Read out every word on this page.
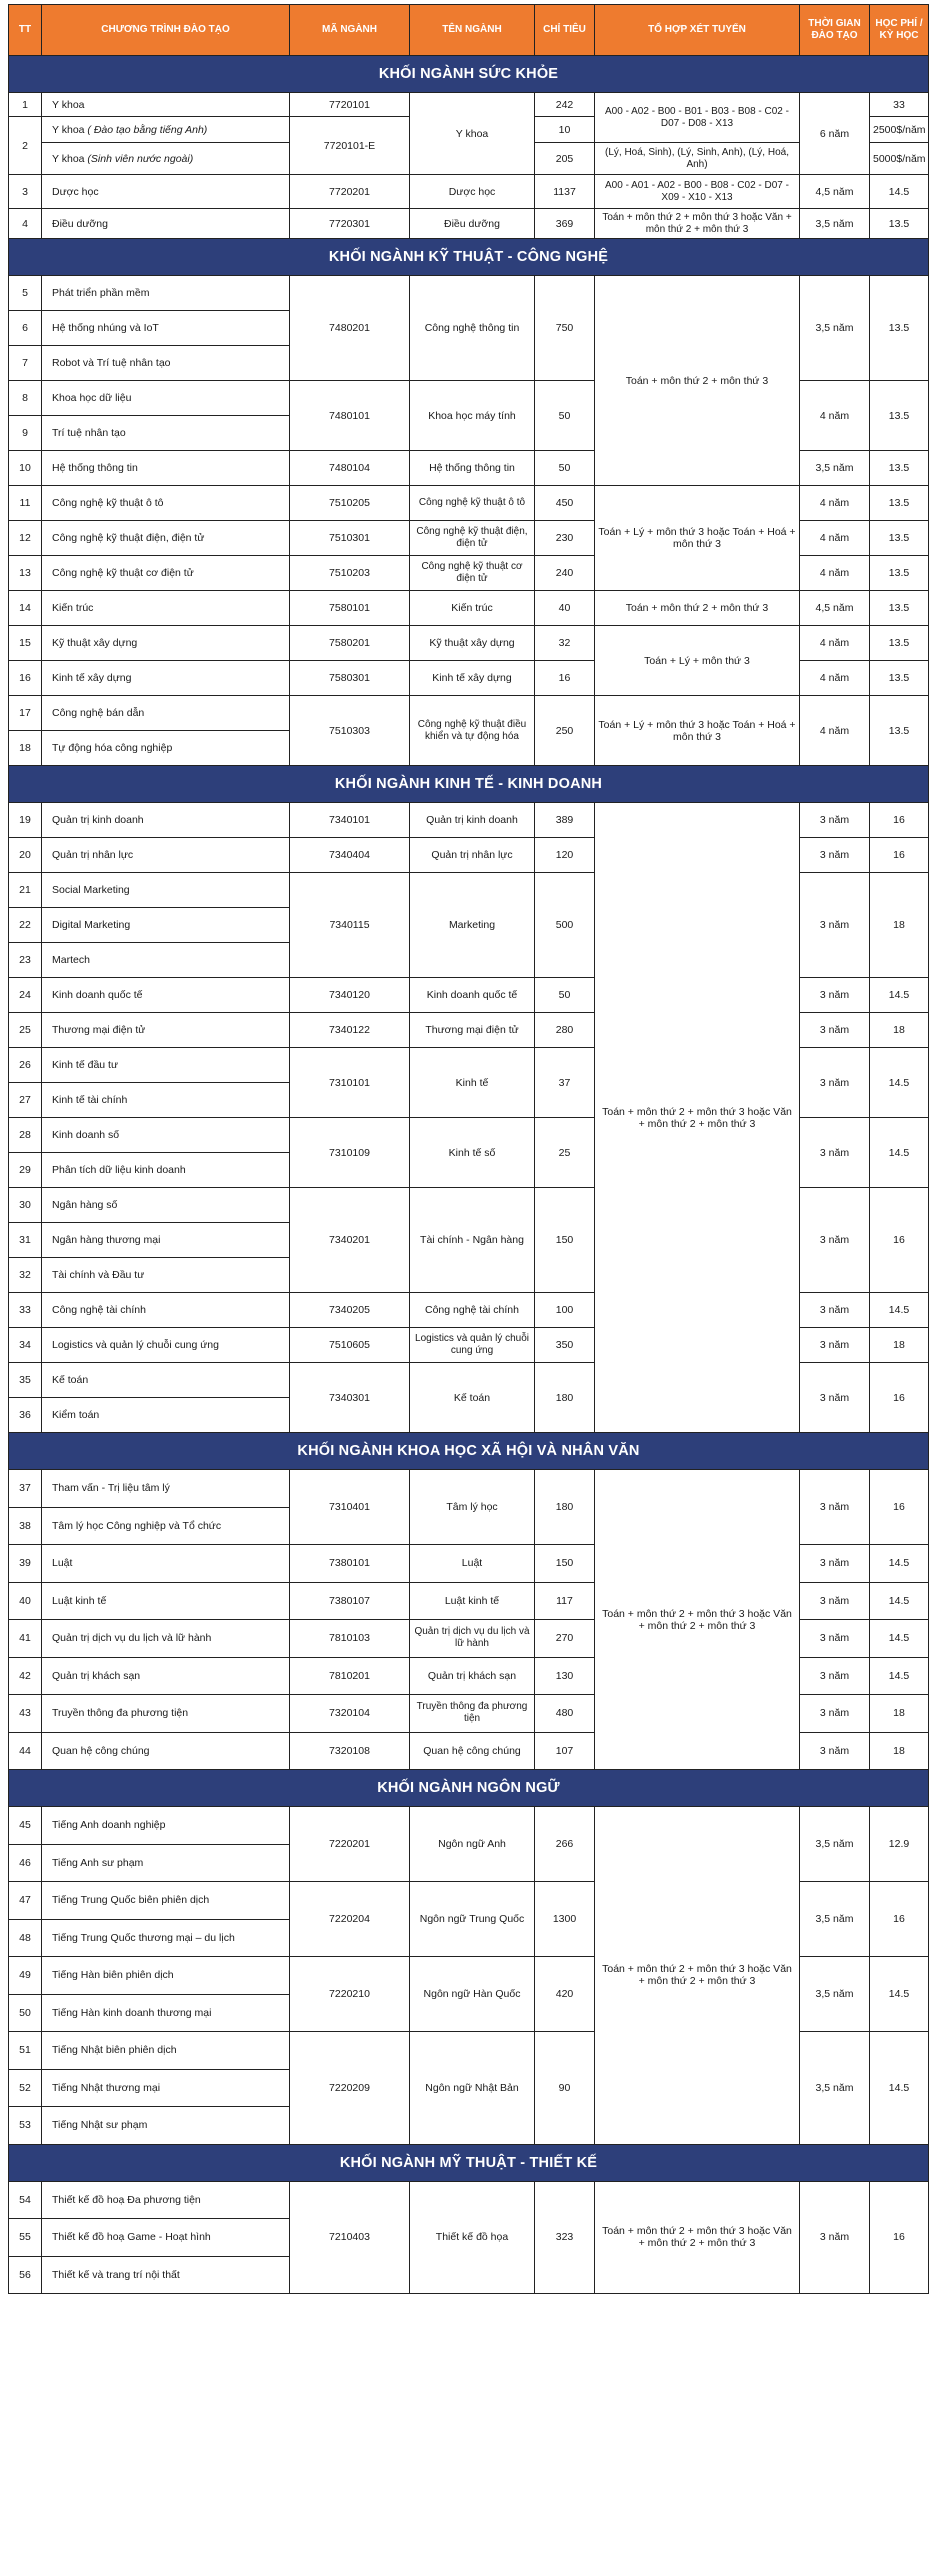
TT	CHƯƠNG TRÌNH ĐÀO TẠO	MÃ NGÀNH	TÊN NGÀNH	CHỈ TIÊU	TỔ HỢP XÉT TUYỂN	THỜI GIAN ĐÀO TẠO	HỌC PHÍ / KỲ HỌC
KHỐI NGÀNH SỨC KHỎE							
1	Y khoa	7720101	Y khoa	242	A00 - A02 - B00 - B01 - B03 - B08 - C02 - D07 - D08 - X13	6 năm	33
2	Y khoa ( Đào tạo bằng tiếng Anh)	7720101-E		10			2500$/năm
	Y khoa (Sinh viên nước ngoài)			205	(Lý, Hoá, Sinh), (Lý, Sinh, Anh), (Lý, Hoá, Anh)		5000$/năm
3	Dược học	7720201	Dược học	1137	A00 - A01 - A02 - B00 - B08 - C02 - D07 - X09 - X10 - X13	4,5 năm	14.5
4	Điều dưỡng	7720301	Điều dưỡng	369	Toán + môn thứ 2 + môn thứ 3 hoặc Văn + môn thứ 2 + môn thứ 3	3,5 năm	13.5
KHỐI NGÀNH KỸ THUẬT - CÔNG NGHỆ							
5	Phát triển phần mềm	7480201	Công nghệ thông tin	750	Toán + môn thứ 2 + môn thứ 3	3,5 năm	13.5
6	Hệ thống nhúng và IoT						
7	Robot và Trí tuệ nhân tạo						
8	Khoa học dữ liệu	7480101	Khoa học máy tính	50		4 năm	13.5
9	Trí tuệ nhân tạo						
10	Hệ thống thông tin	7480104	Hệ thống thông tin	50		3,5 năm	13.5
11	Công nghệ kỹ thuật ô tô	7510205	Công nghệ kỹ thuật ô tô	450	Toán + Lý + môn thứ 3 hoặc Toán + Hoá + môn thứ 3	4 năm	13.5
12	Công nghệ kỹ thuật điện, điện tử	7510301	Công nghệ kỹ thuật điện, điện tử	230		4 năm	13.5
13	Công nghệ kỹ thuật cơ điện tử	7510203	Công nghệ kỹ thuật cơ điện tử	240		4 năm	13.5
14	Kiến trúc	7580101	Kiến trúc	40	Toán + môn thứ 2 + môn thứ 3	4,5 năm	13.5
15	Kỹ thuật xây dựng	7580201	Kỹ thuật xây dựng	32	Toán + Lý + môn thứ 3	4 năm	13.5
16	Kinh tế xây dựng	7580301	Kinh tế xây dựng	16		4 năm	13.5
17	Công nghệ bán dẫn	7510303	Công nghệ kỹ thuật điều khiển và tự động hóa	250	Toán + Lý + môn thứ 3 hoặc Toán + Hoá + môn thứ 3	4 năm	13.5
18	Tự động hóa công nghiệp						
KHỐI NGÀNH KINH TẾ - KINH DOANH							
19	Quản trị kinh doanh	7340101	Quản trị kinh doanh	389	Toán + môn thứ 2 + môn thứ 3 hoặc Văn + môn thứ 2 + môn thứ 3	3 năm	16
20	Quản trị nhân lực	7340404	Quản trị nhân lực	120		3 năm	16
21	Social Marketing	7340115	Marketing	500		3 năm	18
22	Digital Marketing						
23	Martech						
24	Kinh doanh quốc tế	7340120	Kinh doanh quốc tế	50		3 năm	14.5
25	Thương mại điện tử	7340122	Thương mại điện tử	280		3 năm	18
26	Kinh tế đầu tư	7310101	Kinh tế	37		3 năm	14.5
27	Kinh tế tài chính						
28	Kinh doanh số	7310109	Kinh tế số	25		3 năm	14.5
29	Phân tích dữ liệu kinh doanh						
30	Ngân hàng số	7340201	Tài chính - Ngân hàng	150		3 năm	16
31	Ngân hàng thương mại						
32	Tài chính và Đầu tư						
33	Công nghệ tài chính	7340205	Công nghệ tài chính	100		3 năm	14.5
34	Logistics và quản lý chuỗi cung ứng	7510605	Logistics và quản lý chuỗi cung ứng	350		3 năm	18
35	Kế toán	7340301	Kế toán	180		3 năm	16
36	Kiểm toán						
KHỐI NGÀNH KHOA HỌC XÃ HỘI VÀ NHÂN VĂN							
37	Tham vấn - Trị liệu tâm lý	7310401	Tâm lý học	180	Toán + môn thứ 2 + môn thứ 3 hoặc Văn + môn thứ 2 + môn thứ 3	3 năm	16
38	Tâm lý học Công nghiệp và Tổ chức						
39	Luật	7380101	Luật	150		3 năm	14.5
40	Luật kinh tế	7380107	Luật kinh tế	117		3 năm	14.5
41	Quản trị dịch vụ du lịch và lữ hành	7810103	Quản trị dịch vụ du lịch và lữ hành	270		3 năm	14.5
42	Quản trị khách sạn	7810201	Quản trị khách sạn	130		3 năm	14.5
43	Truyền thông đa phương tiện	7320104	Truyền thông đa phương tiện	480		3 năm	18
44	Quan hệ công chúng	7320108	Quan hệ công chúng	107		3 năm	18
KHỐI NGÀNH NGÔN NGỮ							
45	Tiếng Anh doanh nghiệp	7220201	Ngôn ngữ Anh	266	Toán + môn thứ 2 + môn thứ 3 hoặc Văn + môn thứ 2 + môn thứ 3	3,5 năm	12.9
46	Tiếng Anh sư phạm						
47	Tiếng Trung Quốc biên phiên dịch	7220204	Ngôn ngữ Trung Quốc	1300		3,5 năm	16
48	Tiếng Trung Quốc thương mại – du lịch						
49	Tiếng Hàn biên phiên dịch	7220210	Ngôn ngữ Hàn Quốc	420		3,5 năm	14.5
50	Tiếng Hàn kinh doanh thương mại						
51	Tiếng Nhật biên phiên dịch	7220209	Ngôn ngữ Nhật Bản	90		3,5 năm	14.5
52	Tiếng Nhật thương mại						
53	Tiếng Nhật sư phạm						
KHỐI NGÀNH MỸ THUẬT - THIẾT KẾ							
54	Thiết kế đồ hoạ Đa phương tiện	7210403	Thiết kế đồ họa	323	Toán + môn thứ 2 + môn thứ 3 hoặc Văn + môn thứ 2 + môn thứ 3	3 năm	16
55	Thiết kế đồ hoạ Game - Hoạt hình						
56	Thiết kế và trang trí nội thất						
